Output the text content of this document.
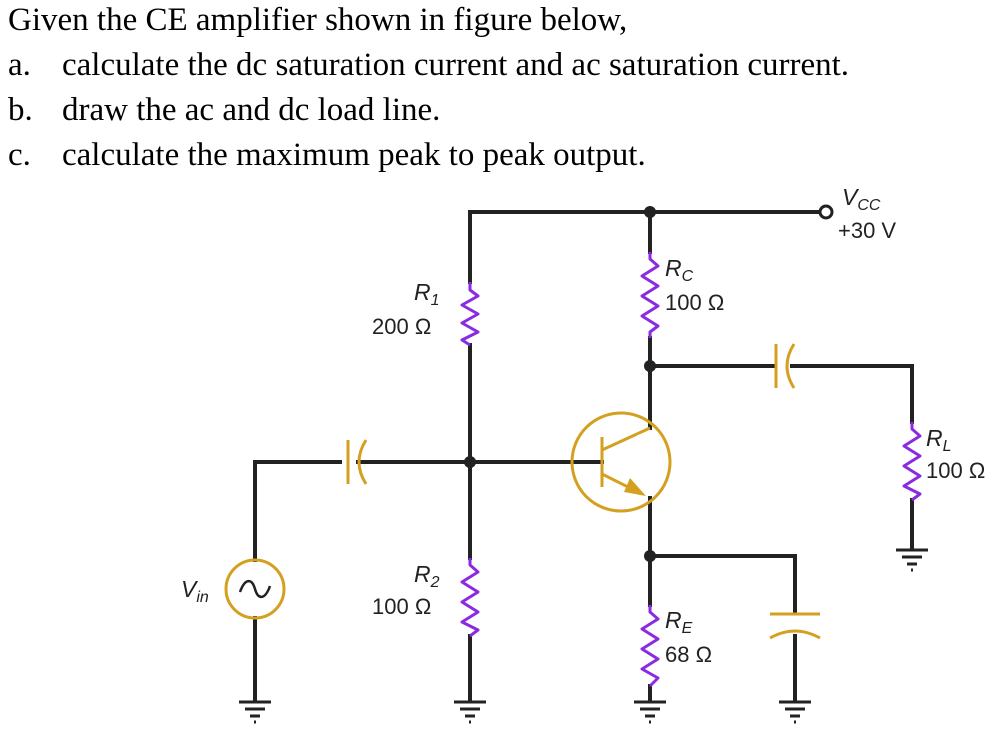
Given the CE amplifier shown in figure below,
a. calculate the dc saturation current and ac saturation current.
b. draw the ac and dc load line.
c. calculate the maximum peak to peak output.
$V_{CC}$
+30 V
$R_1$
200 Ω
$R_C$
100 Ω
$R_L$
100 Ω
$R_2$
100 Ω
$R_E$
68 Ω
$V_{in}$
